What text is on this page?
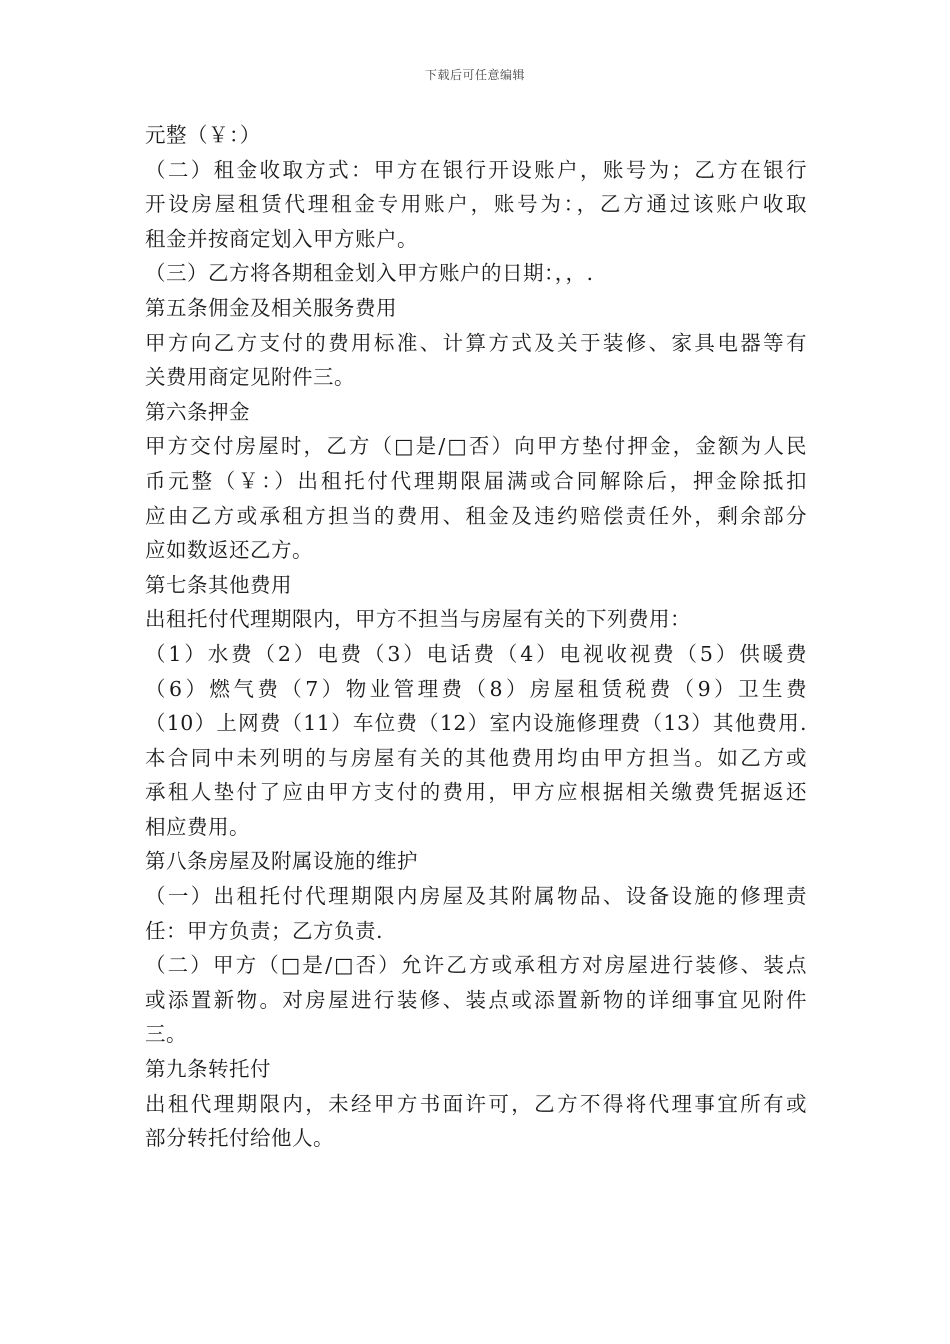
下载后可任意编辑
元整（￥：）
（二）租金收取方式：甲方在银行开设账户，账号为；乙方在银行
开设房屋租赁代理租金专用账户，账号为：，乙方通过该账户收取
租金并按商定划入甲方账户。
（三）乙方将各期租金划入甲方账户的日期：，，.
第五条佣金及相关服务费用
甲方向乙方支付的费用标准、计算方式及关于装修、家具电器等有
关费用商定见附件三。
第六条押金
甲方交付房屋时，乙方（□是/□否）向甲方垫付押金，金额为人民
币元整（￥：）出租托付代理期限届满或合同解除后，押金除抵扣
应由乙方或承租方担当的费用、租金及违约赔偿责任外，剩余部分
应如数返还乙方。
第七条其他费用
出租托付代理期限内，甲方不担当与房屋有关的下列费用：
（1）水费（2）电费（3）电话费（4）电视收视费（5）供暖费
（6）燃气费（7）物业管理费（8）房屋租赁税费（9）卫生费
（10）上网费（11）车位费（12）室内设施修理费（13）其他费用.
本合同中未列明的与房屋有关的其他费用均由甲方担当。如乙方或
承租人垫付了应由甲方支付的费用，甲方应根据相关缴费凭据返还
相应费用。
第八条房屋及附属设施的维护
（一）出租托付代理期限内房屋及其附属物品、设备设施的修理责
任：甲方负责；乙方负责.
（二）甲方（□是/□否）允许乙方或承租方对房屋进行装修、装点
或添置新物。对房屋进行装修、装点或添置新物的详细事宜见附件
三。
第九条转托付
出租代理期限内，未经甲方书面许可，乙方不得将代理事宜所有或
部分转托付给他人。
